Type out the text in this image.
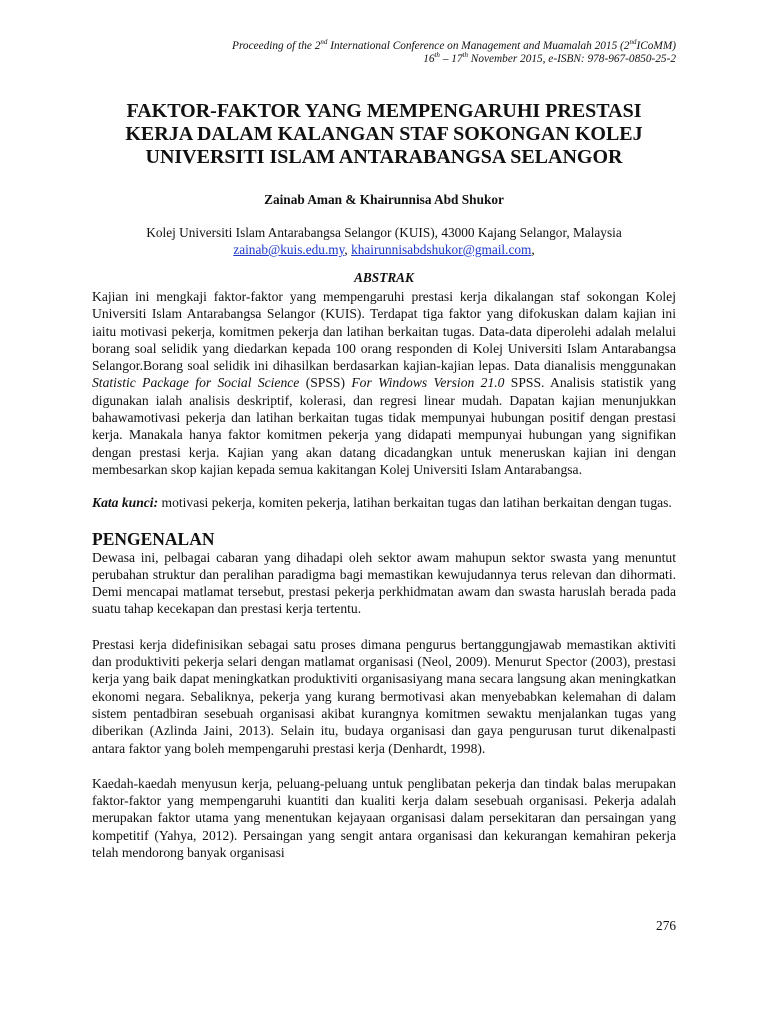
Proceeding of the 2nd International Conference on Management and Muamalah 2015 (2ndICoMM)
16th – 17th November 2015, e-ISBN: 978-967-0850-25-2
FAKTOR-FAKTOR YANG MEMPENGARUHI PRESTASI
KERJA DALAM KALANGAN STAF SOKONGAN KOLEJ
UNIVERSITI ISLAM ANTARABANGSA SELANGOR
Zainab Aman & Khairunnisa Abd Shukor
Kolej Universiti Islam Antarabangsa Selangor (KUIS), 43000 Kajang Selangor, Malaysia
zainab@kuis.edu.my, khairunnisabdshukor@gmail.com,
ABSTRAK

Kajian ini mengkaji faktor-faktor yang mempengaruhi prestasi kerja dikalangan staf sokongan Kolej Universiti Islam Antarabangsa Selangor (KUIS). Terdapat tiga faktor yang difokuskan dalam kajian ini iaitu motivasi pekerja, komitmen pekerja dan latihan berkaitan tugas. Data-data diperolehi adalah melalui borang soal selidik yang diedarkan kepada 100 orang responden di Kolej Universiti Islam Antarabangsa Selangor.Borang soal selidik ini dihasilkan berdasarkan kajian-kajian lepas. Data dianalisis menggunakan Statistic Package for Social Science (SPSS) For Windows Version 21.0 SPSS. Analisis statistik yang digunakan ialah analisis deskriptif, kolerasi, dan regresi linear mudah. Dapatan kajian menunjukkan bahawamotivasi pekerja dan latihan berkaitan tugas tidak mempunyai hubungan positif dengan prestasi kerja. Manakala hanya faktor komitmen pekerja yang didapati mempunyai hubungan yang signifikan dengan prestasi kerja. Kajian yang akan datang dicadangkan untuk meneruskan kajian ini dengan membesarkan skop kajian kepada semua kakitangan Kolej Universiti Islam Antarabangsa.

Kata kunci: motivasi pekerja, komiten pekerja, latihan berkaitan tugas dan latihan berkaitan dengan tugas.

PENGENALAN

Dewasa ini, pelbagai cabaran yang dihadapi oleh sektor awam mahupun sektor swasta yang menuntut perubahan struktur dan peralihan paradigma bagi memastikan kewujudannya terus relevan dan dihormati. Demi mencapai matlamat tersebut, prestasi pekerja perkhidmatan awam dan swasta haruslah berada pada suatu tahap kecekapan dan prestasi kerja tertentu.

Prestasi kerja didefinisikan sebagai satu proses dimana pengurus bertanggungjawab memastikan aktiviti dan produktiviti pekerja selari dengan matlamat organisasi (Neol, 2009). Menurut Spector (2003), prestasi kerja yang baik dapat meningkatkan produktiviti organisasiyang mana secara langsung akan meningkatkan ekonomi negara. Sebaliknya, pekerja yang kurang bermotivasi akan menyebabkan kelemahan di dalam sistem pentadbiran sesebuah organisasi akibat kurangnya komitmen sewaktu menjalankan tugas yang diberikan (Azlinda Jaini, 2013). Selain itu, budaya organisasi dan gaya pengurusan turut dikenalpasti antara faktor yang boleh mempengaruhi prestasi kerja (Denhardt, 1998).

Kaedah-kaedah menyusun kerja, peluang-peluang untuk penglibatan pekerja dan tindak balas merupakan faktor-faktor yang mempengaruhi kuantiti dan kualiti kerja dalam sesebuah organisasi. Pekerja adalah merupakan faktor utama yang menentukan kejayaan organisasi dalam persekitaran dan persaingan yang kompetitif (Yahya, 2012). Persaingan yang sengit antara organisasi dan kekurangan kemahiran pekerja telah mendorong banyak organisasi

276
